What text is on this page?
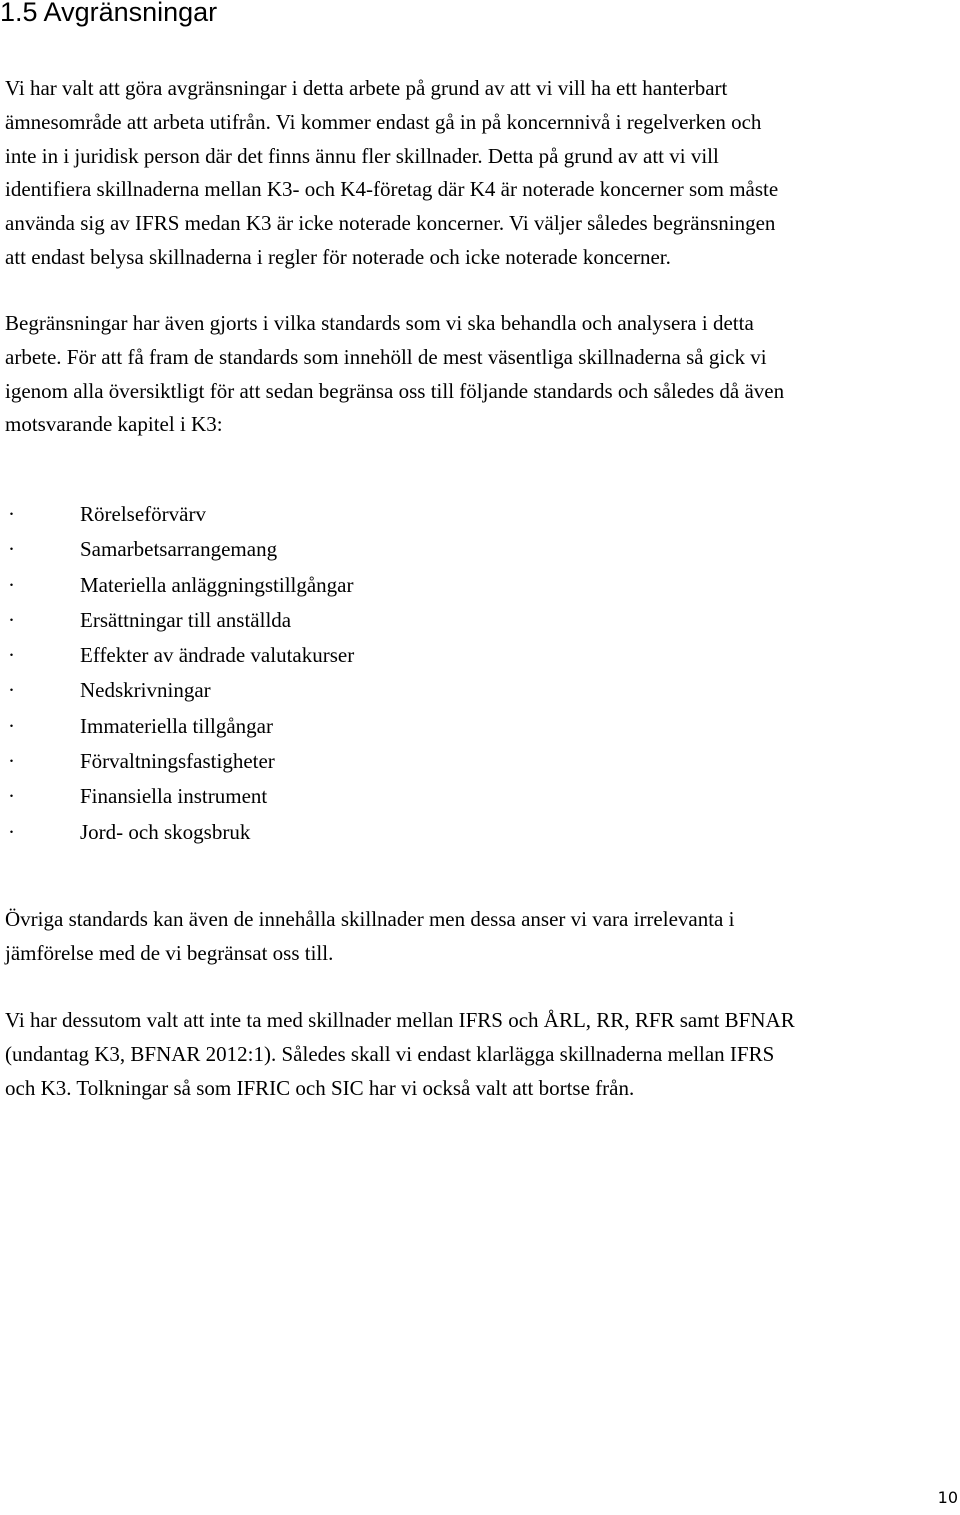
1.5 Avgränsningar

Vi har valt att göra avgränsningar i detta arbete på grund av att vi vill ha ett hanterbart
ämnesområde att arbeta utifrån. Vi kommer endast gå in på koncernnivå i regelverken och
inte in i juridisk person där det finns ännu fler skillnader. Detta på grund av att vi vill
identifiera skillnaderna mellan K3- och K4-företag där K4 är noterade koncerner som måste
använda sig av IFRS medan K3 är icke noterade koncerner. Vi väljer således begränsningen
att endast belysa skillnaderna i regler för noterade och icke noterade koncerner.

Begränsningar har även gjorts i vilka standards som vi ska behandla och analysera i detta
arbete. För att få fram de standards som innehöll de mest väsentliga skillnaderna så gick vi
igenom alla översiktligt för att sedan begränsa oss till följande standards och således då även
motsvarande kapitel i K3:

·	Rörelseförvärv
·	Samarbetsarrangemang
·	Materiella anläggningstillgångar
·	Ersättningar till anställda
·	Effekter av ändrade valutakurser
·	Nedskrivningar
·	Immateriella tillgångar
·	Förvaltningsfastigheter
·	Finansiella instrument
·	Jord- och skogsbruk

Övriga standards kan även de innehålla skillnader men dessa anser vi vara irrelevanta i
jämförelse med de vi begränsat oss till.

Vi har dessutom valt att inte ta med skillnader mellan IFRS och ÅRL, RR, RFR samt BFNAR
(undantag K3, BFNAR 2012:1). Således skall vi endast klarlägga skillnaderna mellan IFRS
och K3. Tolkningar så som IFRIC och SIC har vi också valt att bortse från.

10
